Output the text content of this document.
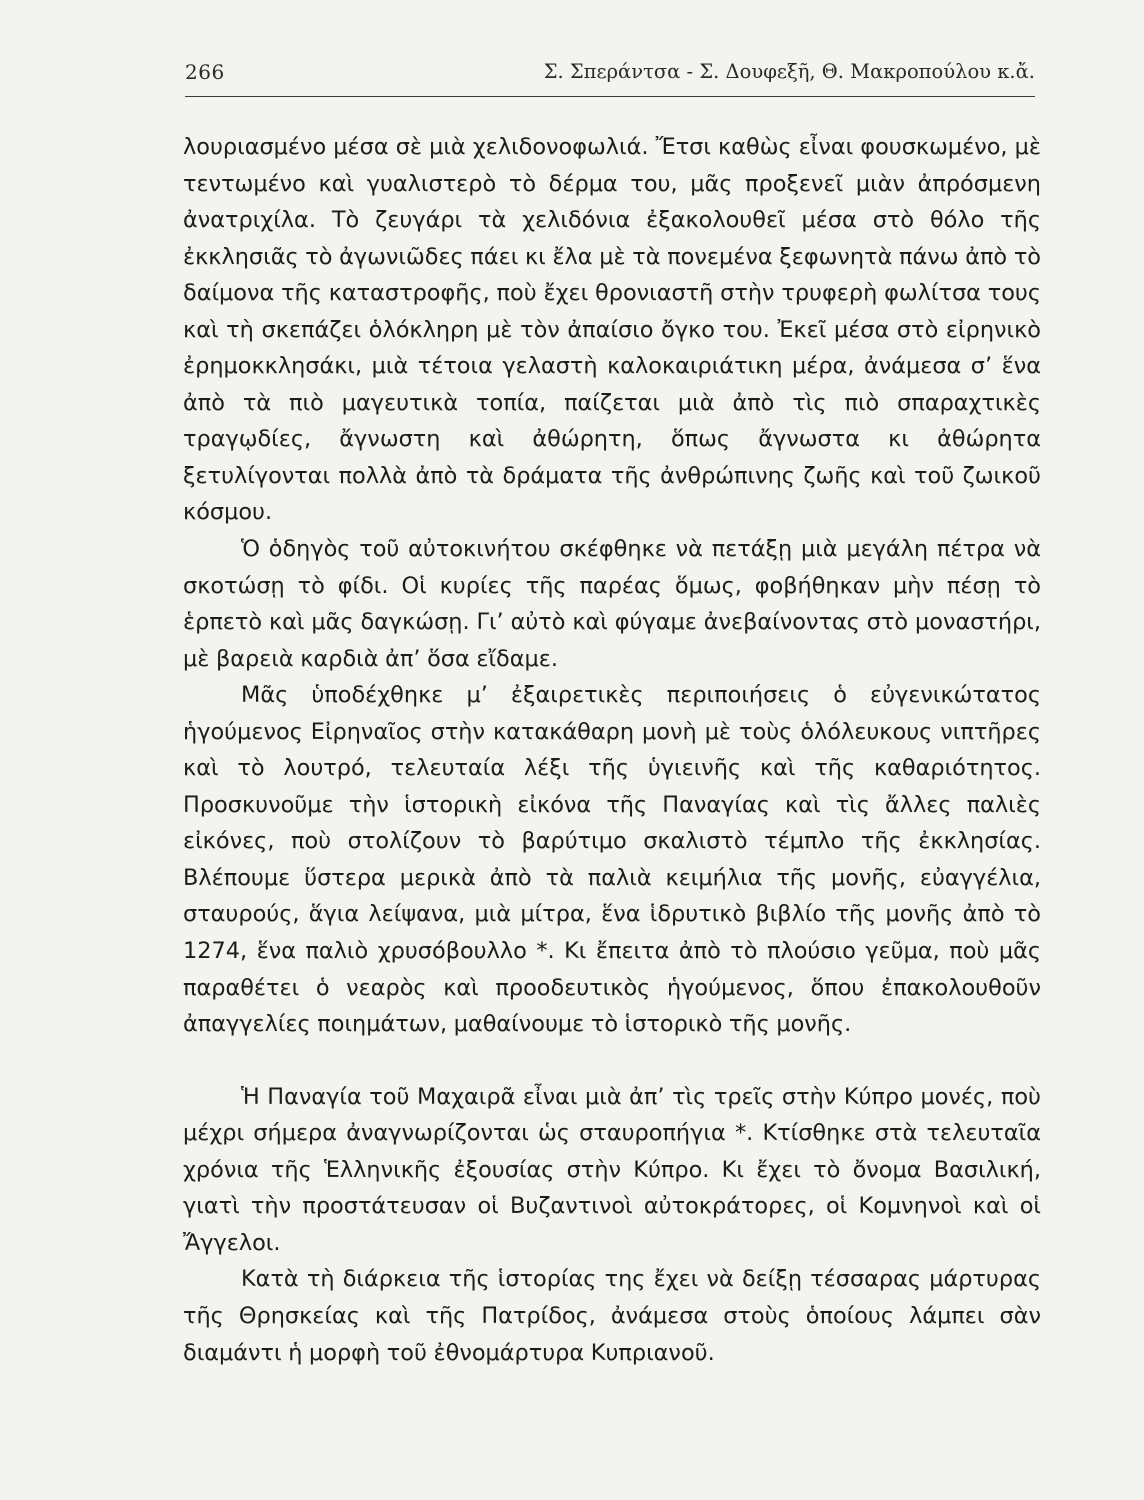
266	Σ. Σπεράντσα - Σ. Δουφεξῆ, Θ. Μακροπούλου κ.ἄ.

λουριασμένο μέσα σὲ μιὰ χελιδονοφωλιά. Ἔτσι καθὼς εἶναι φουσκωμένο, μὲ τεντωμένο καὶ γυαλιστερὸ τὸ δέρμα του, μᾶς προξενεῖ μιὰν ἀπρόσμενη ἀνατριχίλα. Τὸ ζευγάρι τὰ χελιδόνια ἐξακολουθεῖ μέσα στὸ θόλο τῆς ἐκκλησιᾶς τὸ ἀγωνιῶδες πάει κι ἔλα μὲ τὰ πονεμένα ξεφωνητὰ πάνω ἀπὸ τὸ δαίμονα τῆς καταστροφῆς, ποὺ ἔχει θρονιαστῆ στὴν τρυφερὴ φωλίτσα τους καὶ τὴ σκεπάζει ὁλόκληρη μὲ τὸν ἀπαίσιο ὄγκο του. Ἐκεῖ μέσα στὸ εἰρηνικὸ ἐρημοκκλησάκι, μιὰ τέτοια γελαστὴ καλοκαιριάτικη μέρα, ἀνάμεσα σ’ ἕνα ἀπὸ τὰ πιὸ μαγευτικὰ τοπία, παίζεται μιὰ ἀπὸ τὶς πιὸ σπαραχτικὲς τραγῳδίες, ἄγνωστη καὶ ἀθώρητη, ὅπως ἄγνωστα κι ἀθώρητα ξετυλίγονται πολλὰ ἀπὸ τὰ δράματα τῆς ἀνθρώπινης ζωῆς καὶ τοῦ ζωικοῦ κόσμου.

Ὁ ὁδηγὸς τοῦ αὐτοκινήτου σκέφθηκε νὰ πετάξῃ μιὰ μεγάλη πέτρα νὰ σκοτώσῃ τὸ φίδι. Οἱ κυρίες τῆς παρέας ὅμως, φοβήθηκαν μὴν πέσῃ τὸ ἑρπετὸ καὶ μᾶς δαγκώσῃ. Γι’ αὐτὸ καὶ φύγαμε ἀνεβαίνοντας στὸ μοναστήρι, μὲ βαρειὰ καρδιὰ ἀπ’ ὅσα εἴδαμε.

Μᾶς ὑποδέχθηκε μ’ ἐξαιρετικὲς περιποιήσεις ὁ εὐγενικώτατος ἡγούμενος Εἰρηναῖος στὴν κατακάθαρη μονὴ μὲ τοὺς ὁλόλευκους νιπτῆρες καὶ τὸ λουτρό, τελευταία λέξι τῆς ὑγιεινῆς καὶ τῆς καθαριότητος. Προσκυνοῦμε τὴν ἱστορικὴ εἰκόνα τῆς Παναγίας καὶ τὶς ἄλλες παλιὲς εἰκόνες, ποὺ στολίζουν τὸ βαρύτιμο σκαλιστὸ τέμπλο τῆς ἐκκλησίας. Βλέπουμε ὕστερα μερικὰ ἀπὸ τὰ παλιὰ κειμήλια τῆς μονῆς, εὐαγγέλια, σταυρούς, ἅγια λείψανα, μιὰ μίτρα, ἕνα ἱδρυτικὸ βιβλίο τῆς μονῆς ἀπὸ τὸ 1274, ἕνα παλιὸ χρυσόβουλλο *. Κι ἔπειτα ἀπὸ τὸ πλούσιο γεῦμα, ποὺ μᾶς παραθέτει ὁ νεαρὸς καὶ προοδευτικὸς ἡγούμενος, ὅπου ἐπακολουθοῦν ἀπαγγελίες ποιημάτων, μαθαίνουμε τὸ ἱστορικὸ τῆς μονῆς.

Ἡ Παναγία τοῦ Μαχαιρᾶ εἶναι μιὰ ἀπ’ τὶς τρεῖς στὴν Κύπρο μονές, ποὺ μέχρι σήμερα ἀναγνωρίζονται ὡς σταυροπήγια *. Κτίσθηκε στὰ τελευταῖα χρόνια τῆς Ἑλληνικῆς ἐξουσίας στὴν Κύπρο. Κι ἔχει τὸ ὄνομα Βασιλική, γιατὶ τὴν προστάτευσαν οἱ Βυζαντινοὶ αὐτοκράτορες, οἱ Κομνηνοὶ καὶ οἱ Ἄγγελοι.

Κατὰ τὴ διάρκεια τῆς ἱστορίας της ἔχει νὰ δείξῃ τέσσαρας μάρτυρας τῆς Θρησκείας καὶ τῆς Πατρίδος, ἀνάμεσα στοὺς ὁποίους λάμπει σὰν διαμάντι ἡ μορφὴ τοῦ ἐθνομάρτυρα Κυπριανοῦ.
